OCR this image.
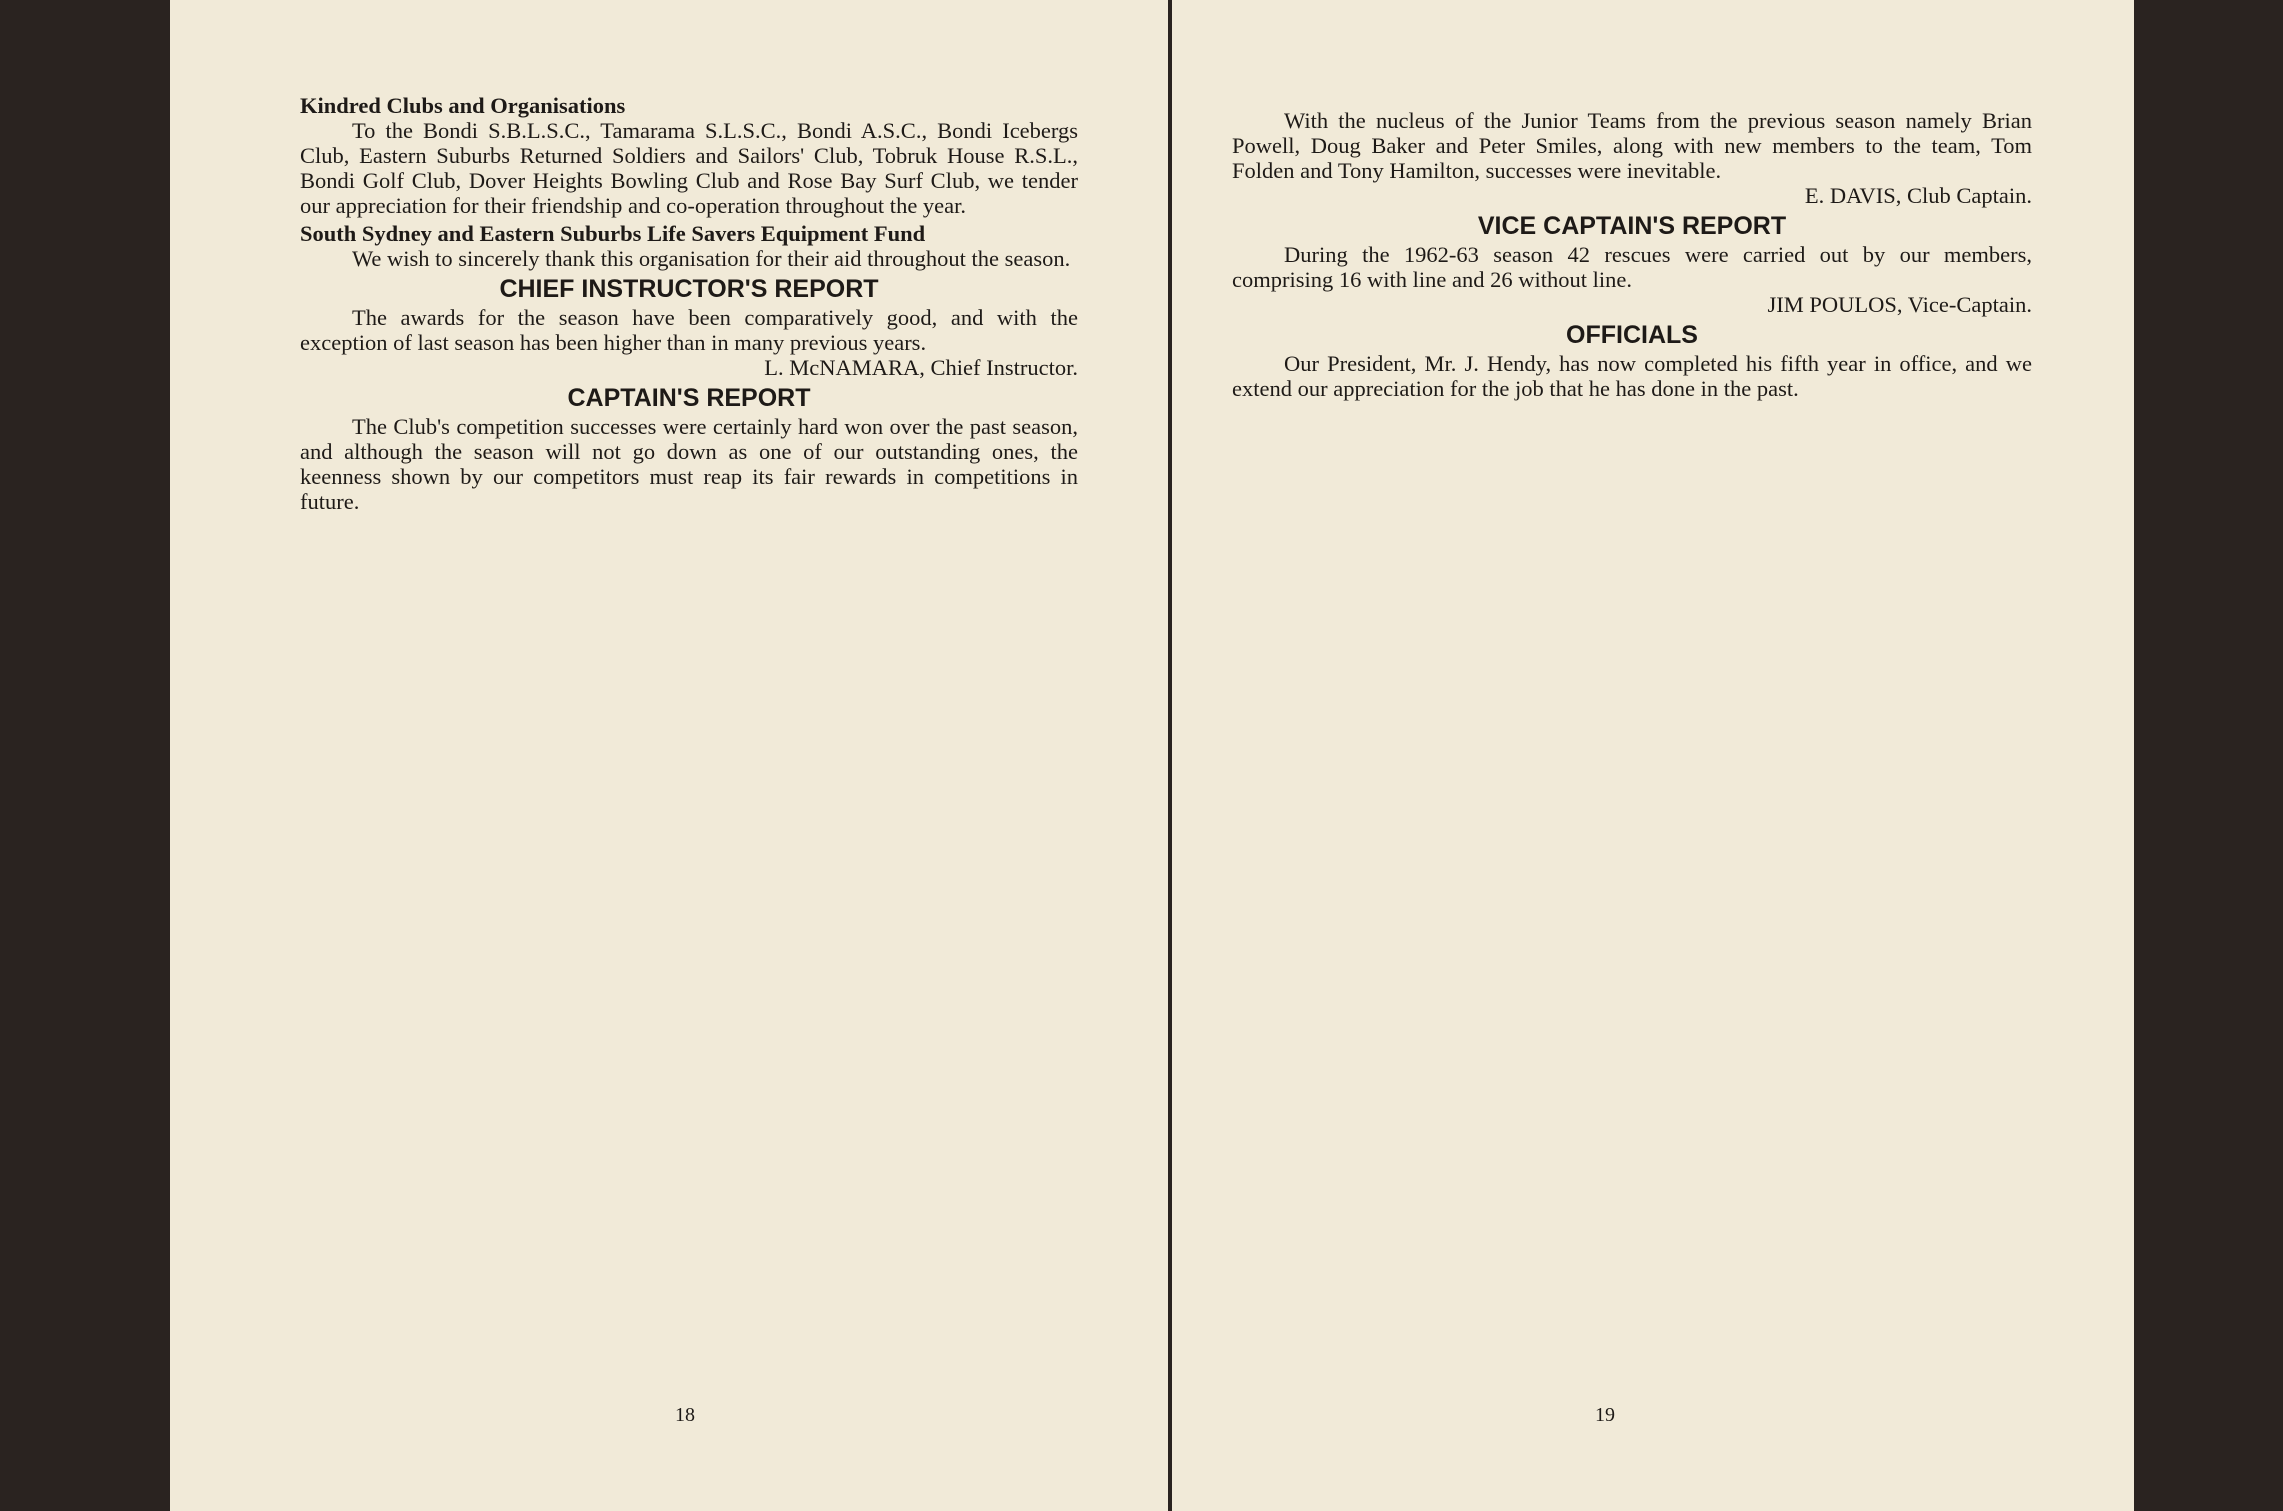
Kindred Clubs and Organisations

To the Bondi S.B.L.S.C., Tamarama S.L.S.C., Bondi A.S.C., Bondi Icebergs Club, Eastern Suburbs Returned Soldiers and Sailors' Club, Tobruk House R.S.L., Bondi Golf Club, Dover Heights Bowling Club and Rose Bay Surf Club, we tender our appreciation for their friendship and co-operation throughout the year.

South Sydney and Eastern Suburbs Life Savers Equipment Fund

We wish to sincerely thank this organisation for their aid throughout the season.

CHIEF INSTRUCTOR'S REPORT

The awards for the season have been comparatively good, and with the exception of last season has been higher than in many previous years.

L. McNAMARA, Chief Instructor.
CAPTAIN'S REPORT

The Club's competition successes were certainly hard won over the past season, and although the season will not go down as one of our outstanding ones, the keenness shown by our competitors must reap its fair rewards in competitions in future.

18

With the nucleus of the Junior Teams from the previous season namely Brian Powell, Doug Baker and Peter Smiles, along with new members to the team, Tom Folden and Tony Hamilton, successes were inevitable.

E. DAVIS, Club Captain.
VICE CAPTAIN'S REPORT

During the 1962-63 season 42 rescues were carried out by our members, comprising 16 with line and 26 without line.

JIM POULOS, Vice-Captain.
OFFICIALS

Our President, Mr. J. Hendy, has now completed his fifth year in office, and we extend our appreciation for the job that he has done in the past.

19
